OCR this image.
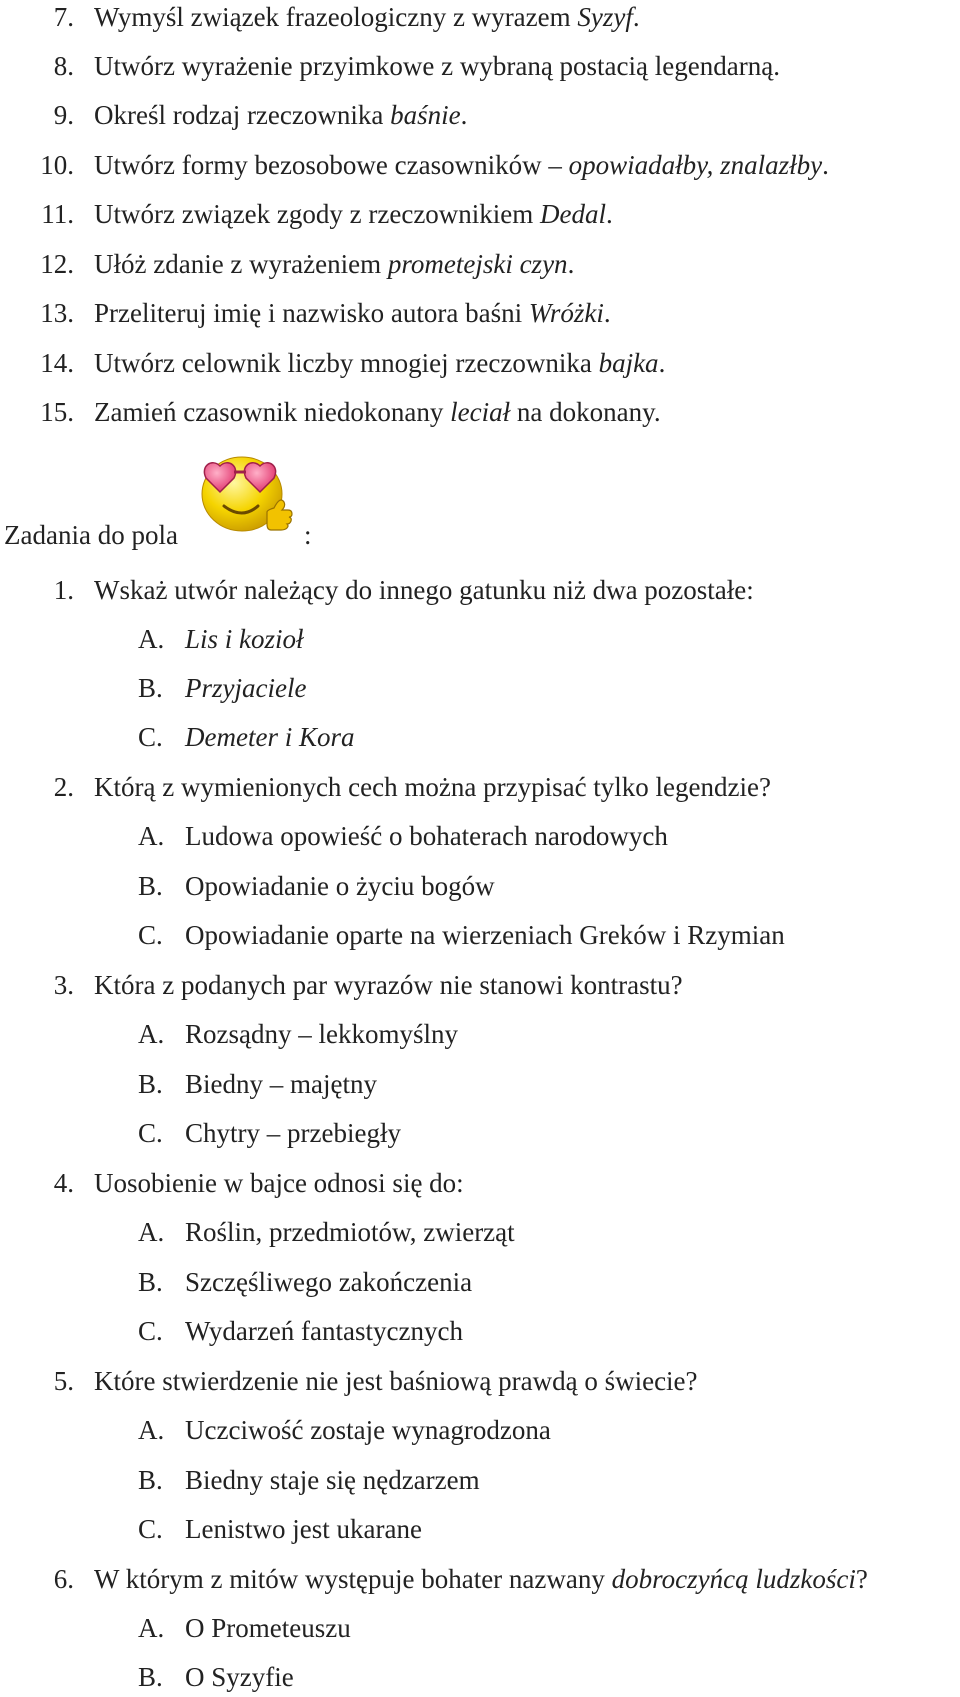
7. Wymyśl związek frazeologiczny z wyrazem Syzyf.
8. Utwórz wyrażenie przyimkowe z wybraną postacią legendarną.
9. Określ rodzaj rzeczownika baśnie.
10. Utwórz formy bezosobowe czasowników – opowiadałby, znalazłby.
11. Utwórz związek zgody z rzeczownikiem Dedal.
12. Ułóż zdanie z wyrażeniem prometejski czyn.
13. Przeliteruj imię i nazwisko autora baśni Wróżki.
14. Utwórz celownik liczby mnogiej rzeczownika bajka.
15. Zamień czasownik niedokonany leciał na dokonany.
Zadania do pola	:
1. Wskaż utwór należący do innego gatunku niż dwa pozostałe:
A. Lis i kozioł
B. Przyjaciele
C. Demeter i Kora
2. Którą z wymienionych cech można przypisać tylko legendzie?
A. Ludowa opowieść o bohaterach narodowych
B. Opowiadanie o życiu bogów
C. Opowiadanie oparte na wierzeniach Greków i Rzymian
3. Która z podanych par wyrazów nie stanowi kontrastu?
A. Rozsądny – lekkomyślny
B. Biedny – majętny
C. Chytry – przebiegły
4. Uosobienie w bajce odnosi się do:
A. Roślin, przedmiotów, zwierząt
B. Szczęśliwego zakończenia
C. Wydarzeń fantastycznych
5. Które stwierdzenie nie jest baśniową prawdą o świecie?
A. Uczciwość zostaje wynagrodzona
B. Biedny staje się nędzarzem
C. Lenistwo jest ukarane
6. W którym z mitów występuje bohater nazwany dobroczyńcą ludzkości?
A. O Prometeuszu
B. O Syzyfie
